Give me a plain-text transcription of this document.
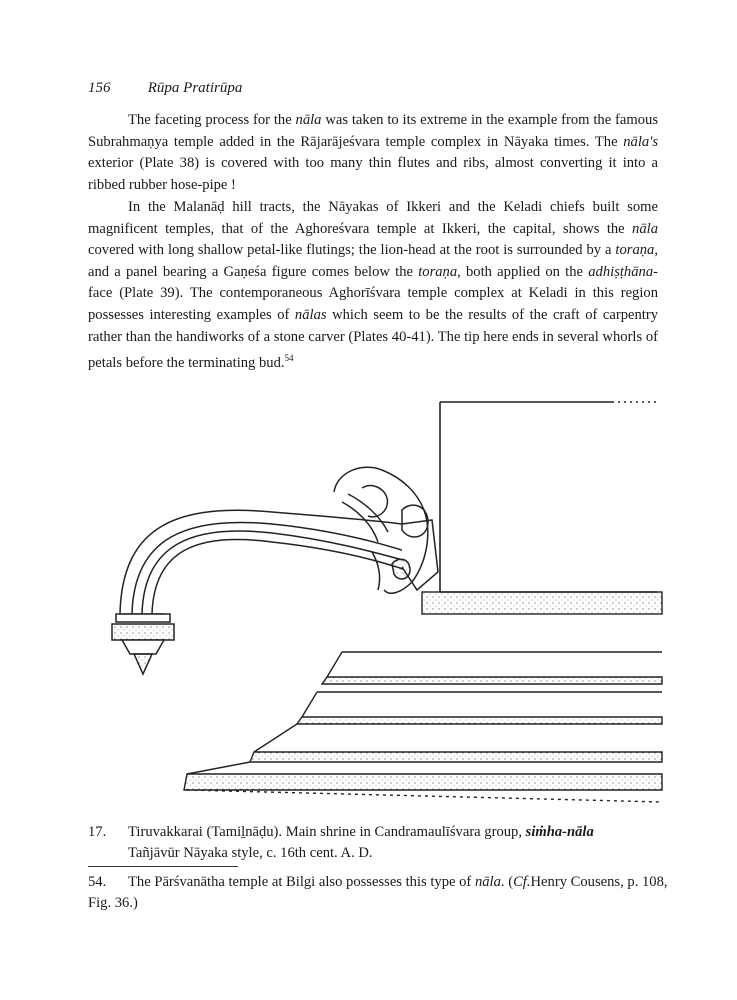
156 Rūpa Pratirūpa

The faceting process for the nāla was taken to its extreme in the example from the famous Subrahmaṇya temple added in the Rājarājeśvara temple complex in Nāyaka times. The nāla's exterior (Plate 38) is covered with too many thin flutes and ribs, almost converting it into a ribbed rubber hose-pipe !

In the Malanāḍ hill tracts, the Nāyakas of Ikkeri and the Keladi chiefs built some magnificent temples, that of the Aghoreśvara temple at Ikkeri, the capital, shows the nāla covered with long shallow petal-like flutings; the lion-head at the root is surrounded by a toraṇa, and a panel bearing a Gaṇeśa figure comes below the toraṇa, both applied on the adhiṣṭhāna-face (Plate 39). The contemporaneous Aghorīśvara temple complex at Keladi in this region possesses interesting examples of nālas which seem to be the results of the craft of carpentry rather than the handiworks of a stone carver (Plates 40-41). The tip here ends in several whorls of petals before the terminating bud.$^{54}$

17. Tiruvakkarai (Tamiḻnāḍu). Main shrine in Candramaulīśvara group, siṁha-nāla
Tañjāvūr Nāyaka style, c. 16th cent. A. D.
54. The Pārśvanātha temple at Bilgi also possesses this type of nāla. (Cf.Henry Cousens, p. 108, Fig. 36.)
